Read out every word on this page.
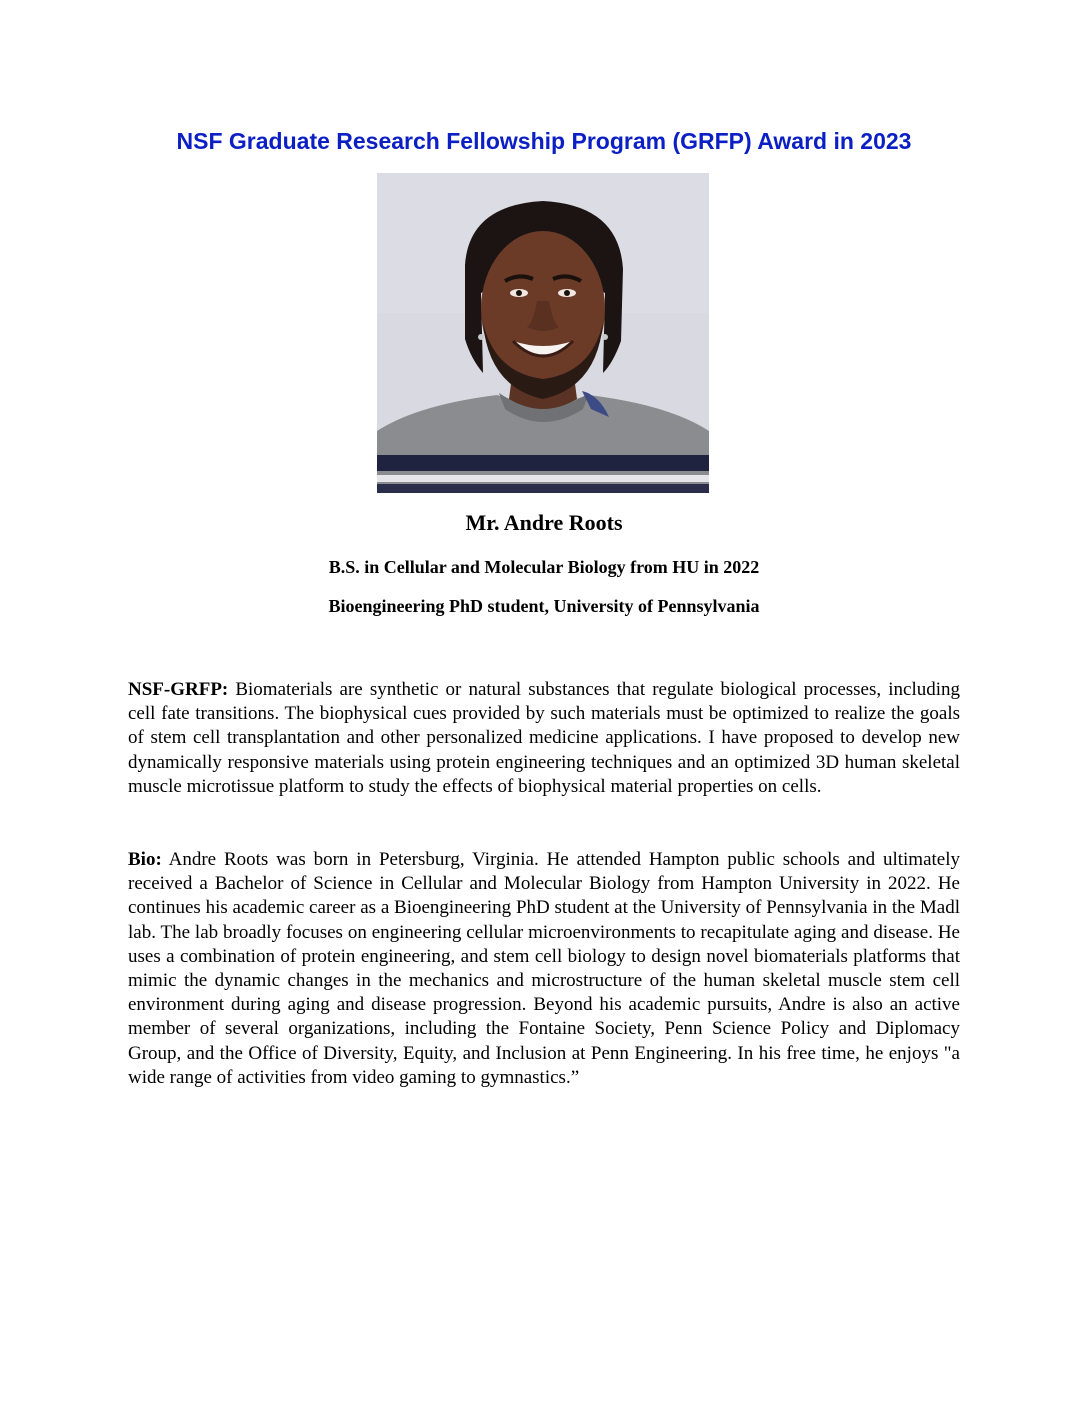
NSF Graduate Research Fellowship Program (GRFP) Award in 2023
Mr. Andre Roots

B.S. in Cellular and Molecular Biology from HU in 2022

Bioengineering PhD student, University of Pennsylvania

NSF-GRFP: Biomaterials are synthetic or natural substances that regulate biological processes, including cell fate transitions. The biophysical cues provided by such materials must be optimized to realize the goals of stem cell transplantation and other personalized medicine applications. I have proposed to develop new dynamically responsive materials using protein engineering techniques and an optimized 3D human skeletal muscle microtissue platform to study the effects of biophysical material properties on cells.

Bio: Andre Roots was born in Petersburg, Virginia. He attended Hampton public schools and ultimately received a Bachelor of Science in Cellular and Molecular Biology from Hampton University in 2022. He continues his academic career as a Bioengineering PhD student at the University of Pennsylvania in the Madl lab. The lab broadly focuses on engineering cellular microenvironments to recapitulate aging and disease. He uses a combination of protein engineering, and stem cell biology to design novel biomaterials platforms that mimic the dynamic changes in the mechanics and microstructure of the human skeletal muscle stem cell environment during aging and disease progression. Beyond his academic pursuits, Andre is also an active member of several organizations, including the Fontaine Society, Penn Science Policy and Diplomacy Group, and the Office of Diversity, Equity, and Inclusion at Penn Engineering. In his free time, he enjoys "a wide range of activities from video gaming to gymnastics.”
